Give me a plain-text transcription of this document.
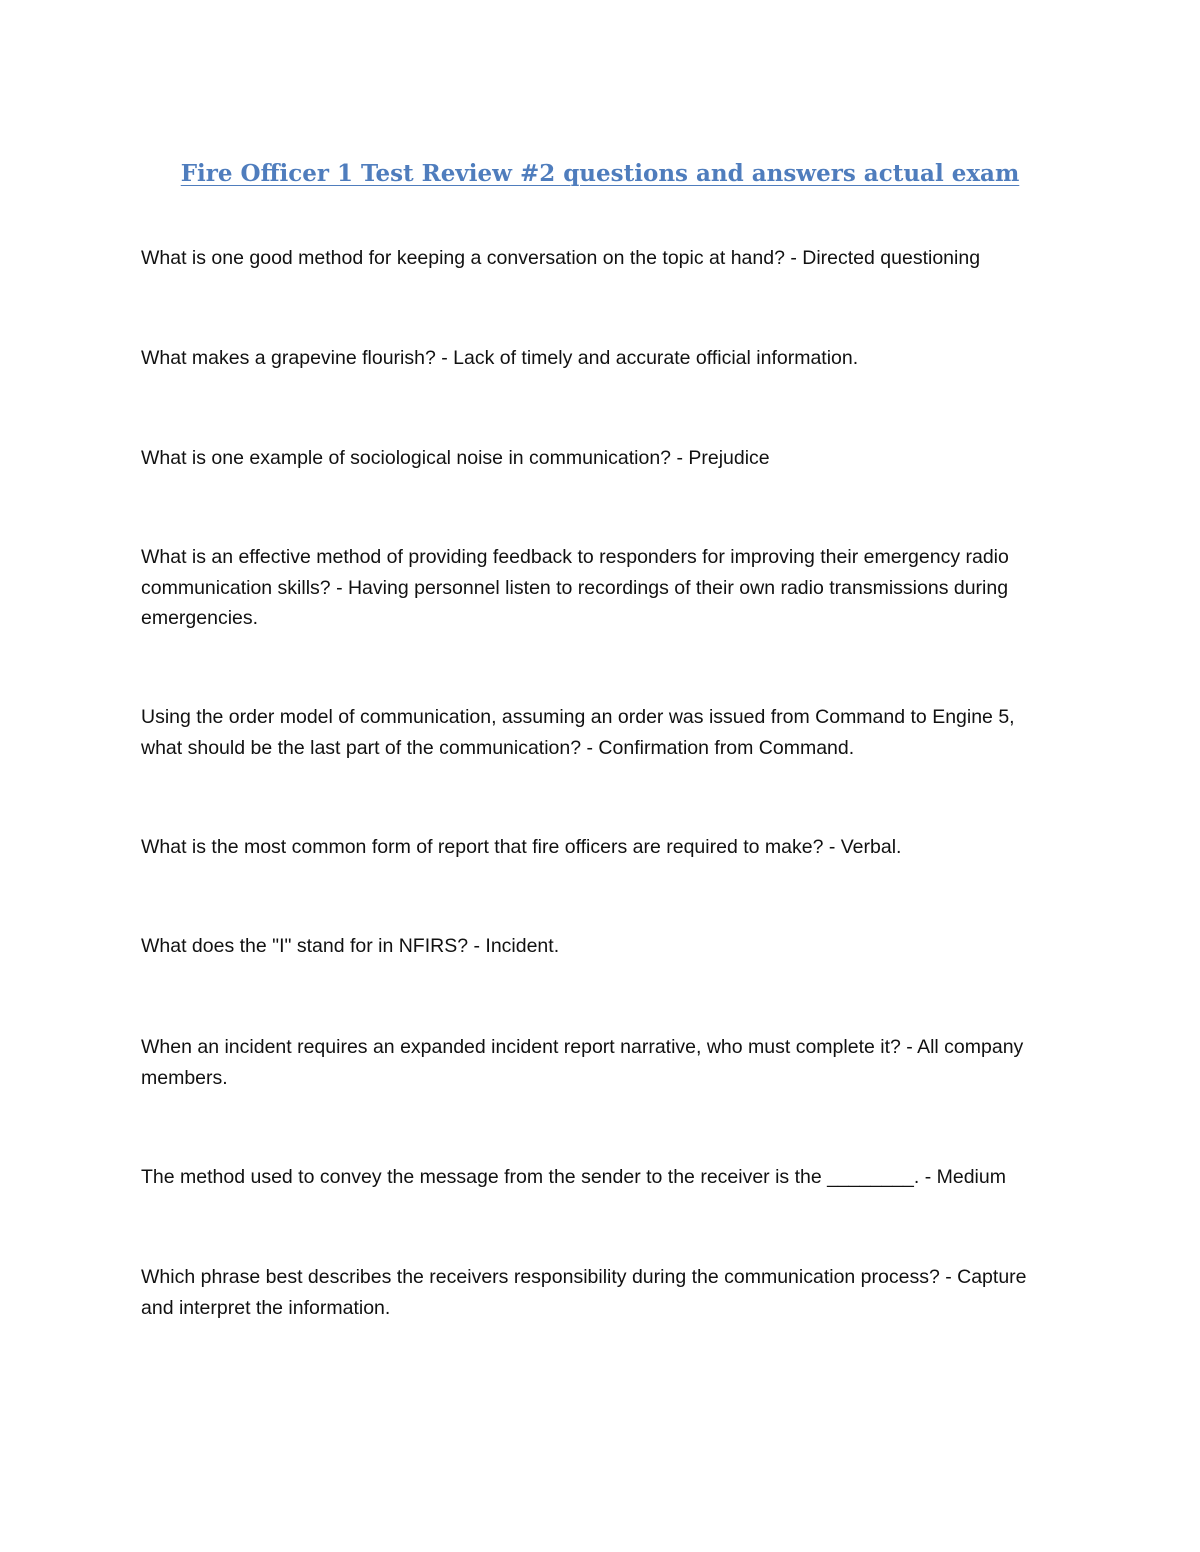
Fire Officer 1 Test Review #2 questions and answers actual exam

What is one good method for keeping a conversation on the topic at hand? - Directed questioning

What makes a grapevine flourish? - Lack of timely and accurate official information.

What is one example of sociological noise in communication? - Prejudice

What is an effective method of providing feedback to responders for improving their emergency radio communication skills? - Having personnel listen to recordings of their own radio transmissions during emergencies.

Using the order model of communication, assuming an order was issued from Command to Engine 5, what should be the last part of the communication? - Confirmation from Command.

What is the most common form of report that fire officers are required to make? - Verbal.

What does the "I" stand for in NFIRS? - Incident.

When an incident requires an expanded incident report narrative, who must complete it? - All company members.

The method used to convey the message from the sender to the receiver is the ________. - Medium

Which phrase best describes the receivers responsibility during the communication process? - Capture and interpret the information.
